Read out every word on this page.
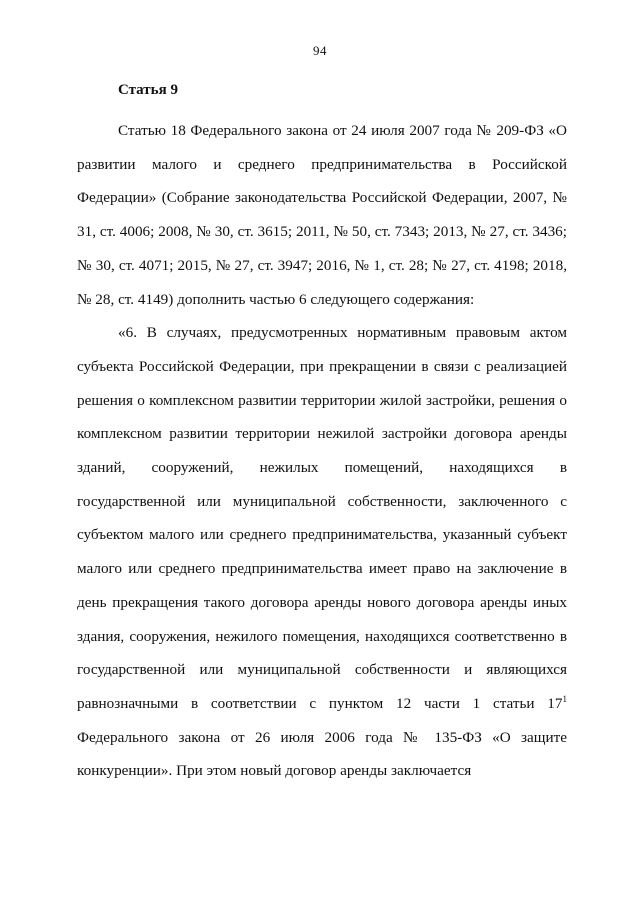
94
Статья 9

Статью 18 Федерального закона от 24 июля 2007 года № 209-ФЗ «О развитии малого и среднего предпринимательства в Российской Федерации» (Собрание законодательства Российской Федерации, 2007, № 31, ст. 4006; 2008, № 30, ст. 3615; 2011, № 50, ст. 7343; 2013, № 27, ст. 3436; № 30, ст. 4071; 2015, № 27, ст. 3947; 2016, № 1, ст. 28; № 27, ст. 4198; 2018, № 28, ст. 4149) дополнить частью 6 следующего содержания:

«6. В случаях, предусмотренных нормативным правовым актом субъекта Российской Федерации, при прекращении в связи с реализацией решения о комплексном развитии территории жилой застройки, решения о комплексном развитии территории нежилой застройки договора аренды зданий, сооружений, нежилых помещений, находящихся в государственной или муниципальной собственности, заключенного с субъектом малого или среднего предпринимательства, указанный субъект малого или среднего предпринимательства имеет право на заключение в день прекращения такого договора аренды нового договора аренды иных здания, сооружения, нежилого помещения, находящихся соответственно в государственной или муниципальной собственности и являющихся равнозначными в соответствии с пунктом 12 части 1 статьи $17^1$ Федерального закона от 26 июля 2006 года № 135-ФЗ «О защите конкуренции». При этом новый договор аренды заключается
